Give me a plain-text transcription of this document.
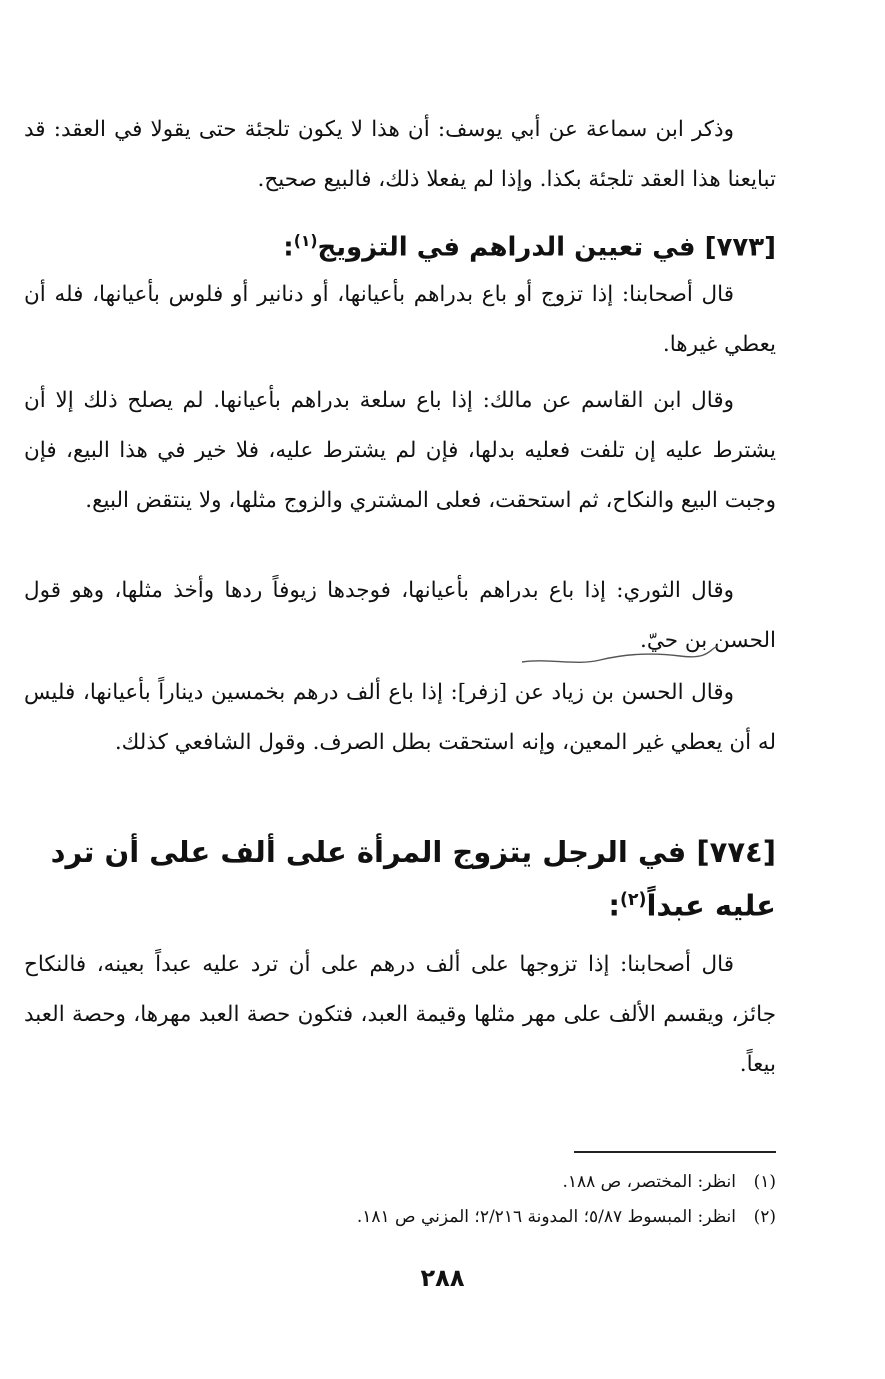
وذكر ابن سماعة عن أبي يوسف: أن هذا لا يكون تلجئة حتى يقولا في العقد: قد تبايعنا هذا العقد تلجئة بكذا. وإذا لم يفعلا ذلك، فالبيع صحيح.

[٧٧٣] في تعيين الدراهم في التزويج$^{(١)}$:

قال أصحابنا: إذا تزوج أو باع بدراهم بأعيانها، أو دنانير أو فلوس بأعيانها، فله أن يعطي غيرها.

وقال ابن القاسم عن مالك: إذا باع سلعة بدراهم بأعيانها. لم يصلح ذلك إلا أن يشترط عليه إن تلفت فعليه بدلها، فإن لم يشترط عليه، فلا خير في هذا البيع، فإن وجبت البيع والنكاح، ثم استحقت، فعلى المشتري والزوج مثلها، ولا ينتقض البيع.

وقال الثوري: إذا باع بدراهم بأعيانها، فوجدها زيوفاً ردها وأخذ مثلها، وهو قول الحسن بن حيّ.

وقال الحسن بن زياد عن [زفر]: إذا باع ألف درهم بخمسين ديناراً بأعيانها، فليس له أن يعطي غير المعين، وإنه استحقت بطل الصرف. وقول الشافعي كذلك.

[٧٧٤] في الرجل يتزوج المرأة على ألف على أن ترد عليه عبداً$^{(٢)}$:

قال أصحابنا: إذا تزوجها على ألف درهم على أن ترد عليه عبداً بعينه، فالنكاح جائز، ويقسم الألف على مهر مثلها وقيمة العبد، فتكون حصة العبد مهرها، وحصة العبد بيعاً.

(١)انظر: المختصر، ص ١٨٨.

(٢)انظر: المبسوط ٥/٨٧؛ المدونة ٢/٢١٦؛ المزني ص ١٨١.

٢٨٨
